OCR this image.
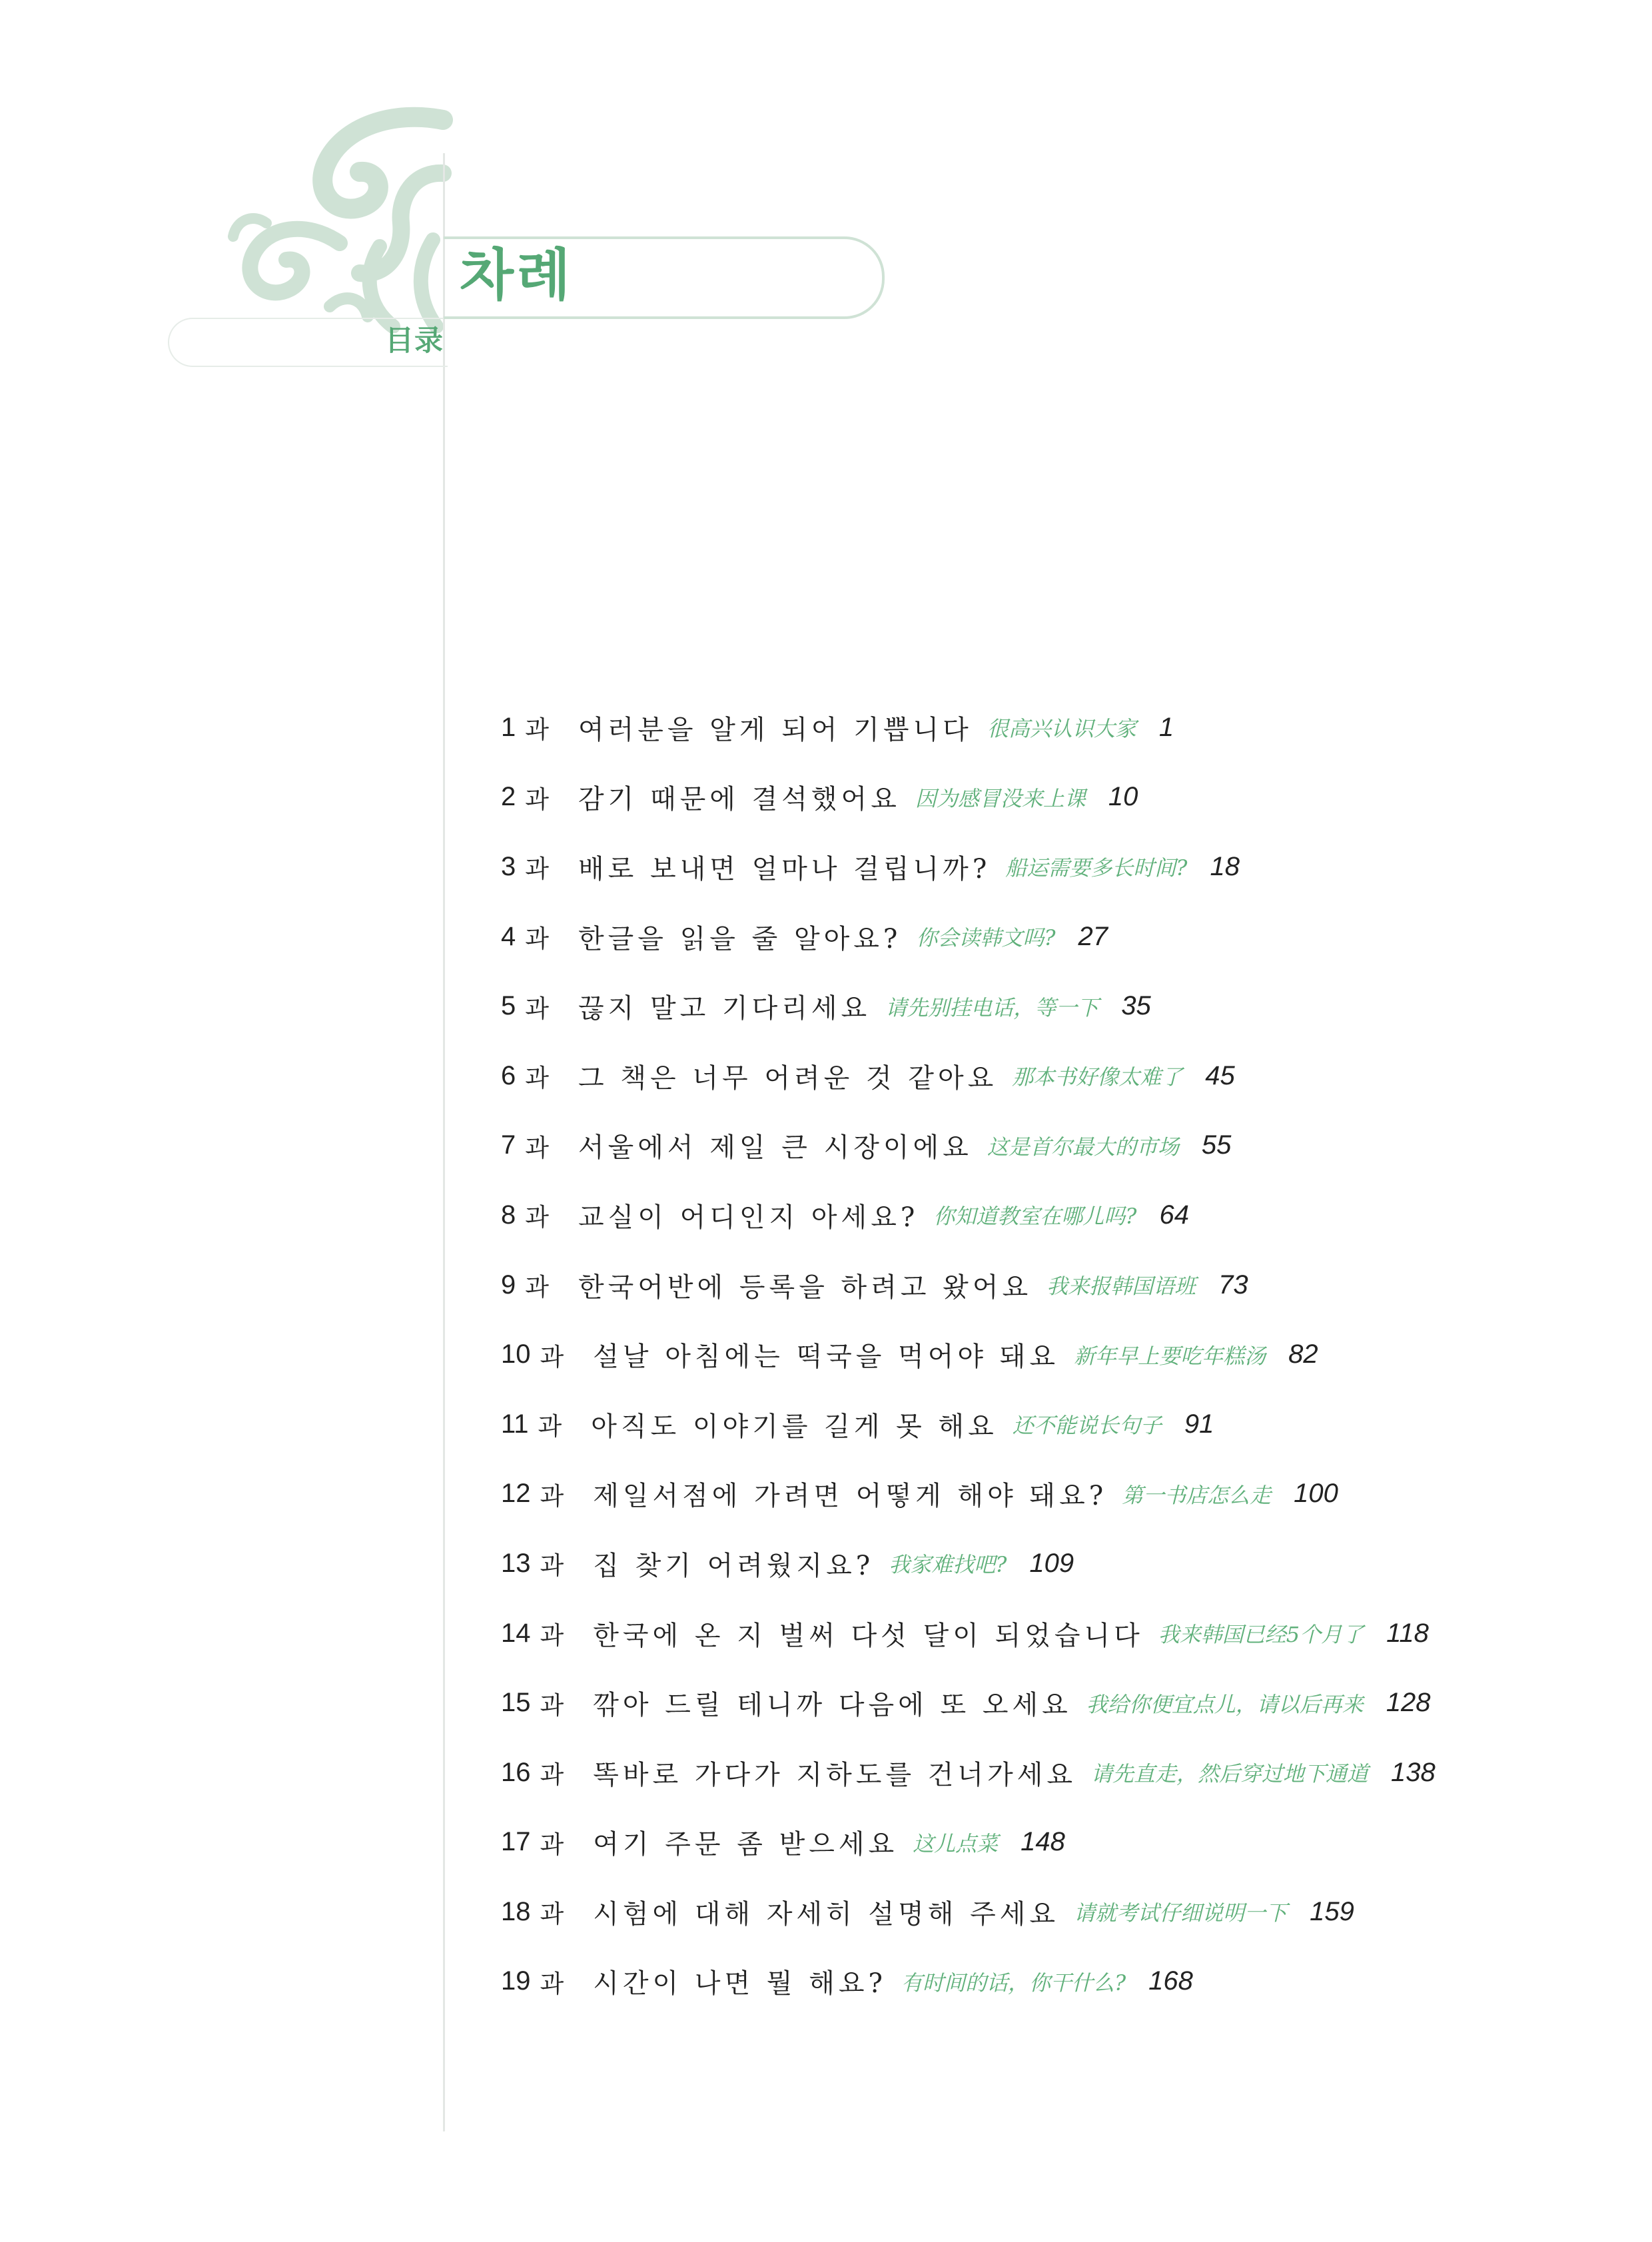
目录
차례
1 과 여러분을 알게 되어 기쁩니다 很高兴认识大家 1
2 과 감기 때문에 결석했어요 因为感冒没来上课 10
3 과 배로 보내면 얼마나 걸립니까? 船运需要多长时间? 18
4 과 한글을 읽을 줄 알아요? 你会读韩文吗? 27
5 과 끊지 말고 기다리세요 请先别挂电话，等一下 35
6 과 그 책은 너무 어려운 것 같아요 那本书好像太难了 45
7 과 서울에서 제일 큰 시장이에요 这是首尔最大的市场 55
8 과 교실이 어디인지 아세요? 你知道教室在哪儿吗? 64
9 과 한국어반에 등록을 하려고 왔어요 我来报韩国语班 73
10 과 설날 아침에는 떡국을 먹어야 돼요 新年早上要吃年糕汤 82
11 과 아직도 이야기를 길게 못 해요 还不能说长句子 91
12 과 제일서점에 가려면 어떻게 해야 돼요? 第一书店怎么走 100
13 과 집 찾기 어려웠지요? 我家难找吧? 109
14 과 한국에 온 지 벌써 다섯 달이 되었습니다 我来韩国已经5个月了 118
15 과 깎아 드릴 테니까 다음에 또 오세요 我给你便宜点儿，请以后再来 128
16 과 똑바로 가다가 지하도를 건너가세요 请先直走，然后穿过地下通道 138
17 과 여기 주문 좀 받으세요 这儿点菜 148
18 과 시험에 대해 자세히 설명해 주세요 请就考试仔细说明一下 159
19 과 시간이 나면 뭘 해요? 有时间的话，你干什么? 168
